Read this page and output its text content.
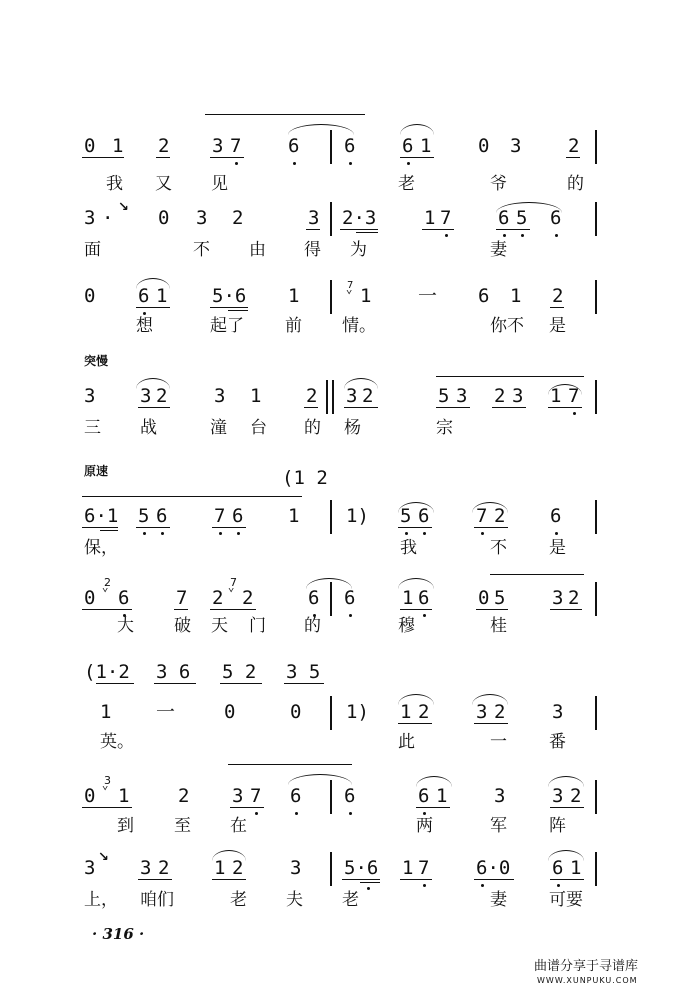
0 1 2 3 7 6 6 6 1 0 3 2
我 又 见	老	爷	的
3 · ↘ 0 3 2	3 2·3	1 7 6 5 6
面	不 由 得 为	妻
0 6 1 5·6 1	7
ᘁ 1 一 6 1 2
想	起了 前 情。	你不 是
突慢
3 3 2 3 1 2 3 2	5 3 2 3 1 7
三 战	潼 台 的 杨	宗
原速	(1 2
6·1 5 6 7 6 1 1) 5 6 7 2 6
保，	我	不 是
0
2
ᘁ 6 7 2
7
ᘁ 2	6 6 1 6	0 5 3 2
大 破 天 门 的	穆	桂
(1·2 3 6 5 2 3 5
1 一	0	0 1) 1 2 3 2 3
英。	此	一 番
0
3
ᘁ 1	2 3 7 6 6	6 1 3 3 2
到 至 在	两	军 阵
3 ↘ 3 2 1 2 3 5·6 1 7 6·0 6 1
上， 咱们	老 夫 老	妻 可要
· 316 ·
曲谱分享于寻谱库
WWW.XUNPUKU.COM
